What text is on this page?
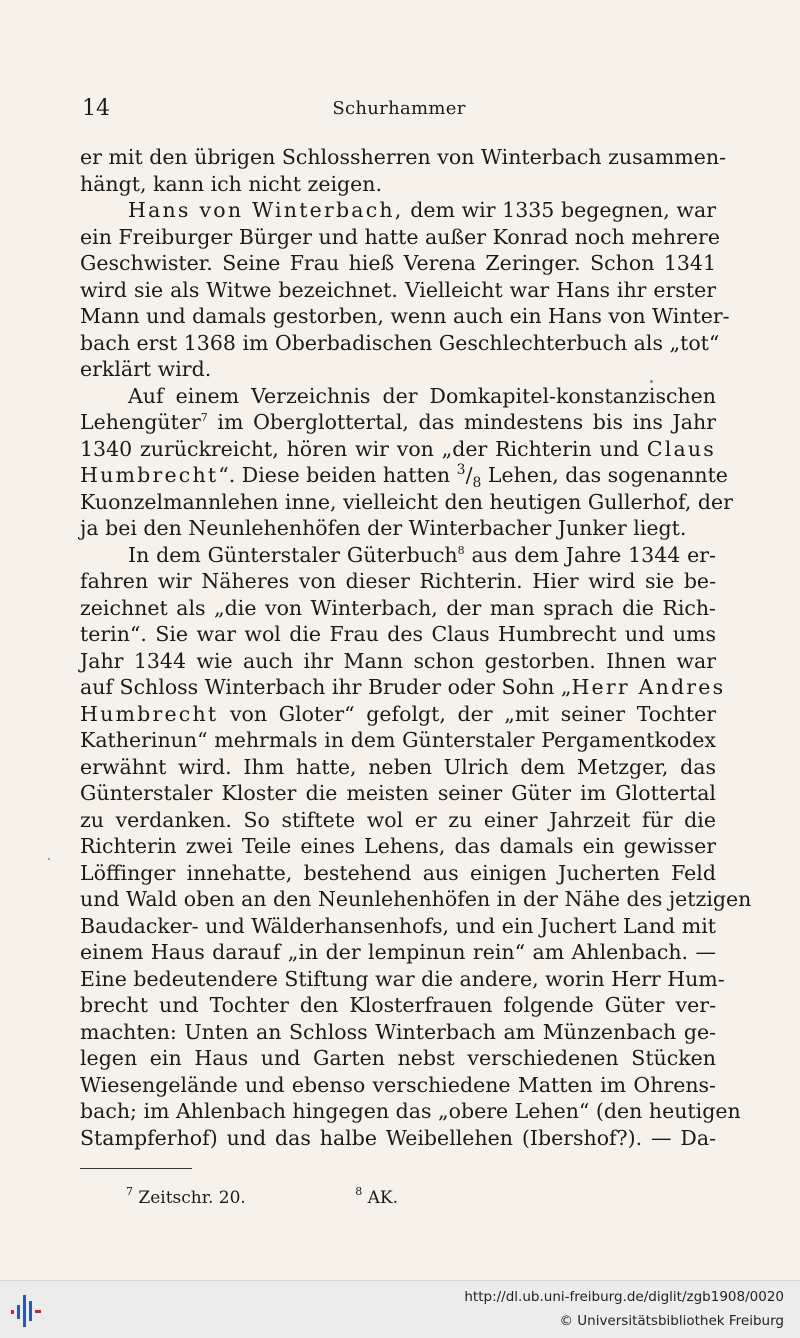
14	Schurhammer
er mit den übrigen Schlossherren von Winterbach zusammen-
hängt, kann ich nicht zeigen.
Hans von Winterbach, dem wir 1335 begegnen, war
ein Freiburger Bürger und hatte außer Konrad noch mehrere
Geschwister. Seine Frau hieß Verena Zeringer. Schon 1341
wird sie als Witwe bezeichnet. Vielleicht war Hans ihr erster
Mann und damals gestorben, wenn auch ein Hans von Winter-
bach erst 1368 im Oberbadischen Geschlechterbuch als „tot“
erklärt wird.
Auf einem Verzeichnis der Domkapitel-konstanzischen
Lehengüter$^7$ im Oberglottertal, das mindestens bis ins Jahr
1340 zurückreicht, hören wir von „der Richterin und Claus
Humbrecht“. Diese beiden hatten $^3/_8$ Lehen, das sogenannte
Kuonzelmannlehen inne, vielleicht den heutigen Gullerhof, der
ja bei den Neunlehenhöfen der Winterbacher Junker liegt.
In dem Günterstaler Güterbuch$^8$ aus dem Jahre 1344 er-
fahren wir Näheres von dieser Richterin. Hier wird sie be-
zeichnet als „die von Winterbach, der man sprach die Rich-
terin“. Sie war wol die Frau des Claus Humbrecht und ums
Jahr 1344 wie auch ihr Mann schon gestorben. Ihnen war
auf Schloss Winterbach ihr Bruder oder Sohn „Herr Andres
Humbrecht von Gloter“ gefolgt, der „mit seiner Tochter
Katherinun“ mehrmals in dem Günterstaler Pergamentkodex
erwähnt wird. Ihm hatte, neben Ulrich dem Metzger, das
Günterstaler Kloster die meisten seiner Güter im Glottertal
zu verdanken. So stiftete wol er zu einer Jahrzeit für die
Richterin zwei Teile eines Lehens, das damals ein gewisser
Löffinger innehatte, bestehend aus einigen Jucherten Feld
und Wald oben an den Neunlehenhöfen in der Nähe des jetzigen
Baudacker- und Wälderhansenhofs, und ein Juchert Land mit
einem Haus darauf „in der lempinun rein“ am Ahlenbach. —
Eine bedeutendere Stiftung war die andere, worin Herr Hum-
brecht und Tochter den Klosterfrauen folgende Güter ver-
machten: Unten an Schloss Winterbach am Münzenbach ge-
legen ein Haus und Garten nebst verschiedenen Stücken
Wiesengelände und ebenso verschiedene Matten im Ohrens-
bach; im Ahlenbach hingegen das „obere Lehen“ (den heutigen
Stampferhof) und das halbe Weibellehen (Ibershof?). — Da-
$^7$ Zeitschr. 20.	$^8$ AK.
http://dl.ub.uni-freiburg.de/diglit/zgb1908/0020
© Universitätsbibliothek Freiburg
